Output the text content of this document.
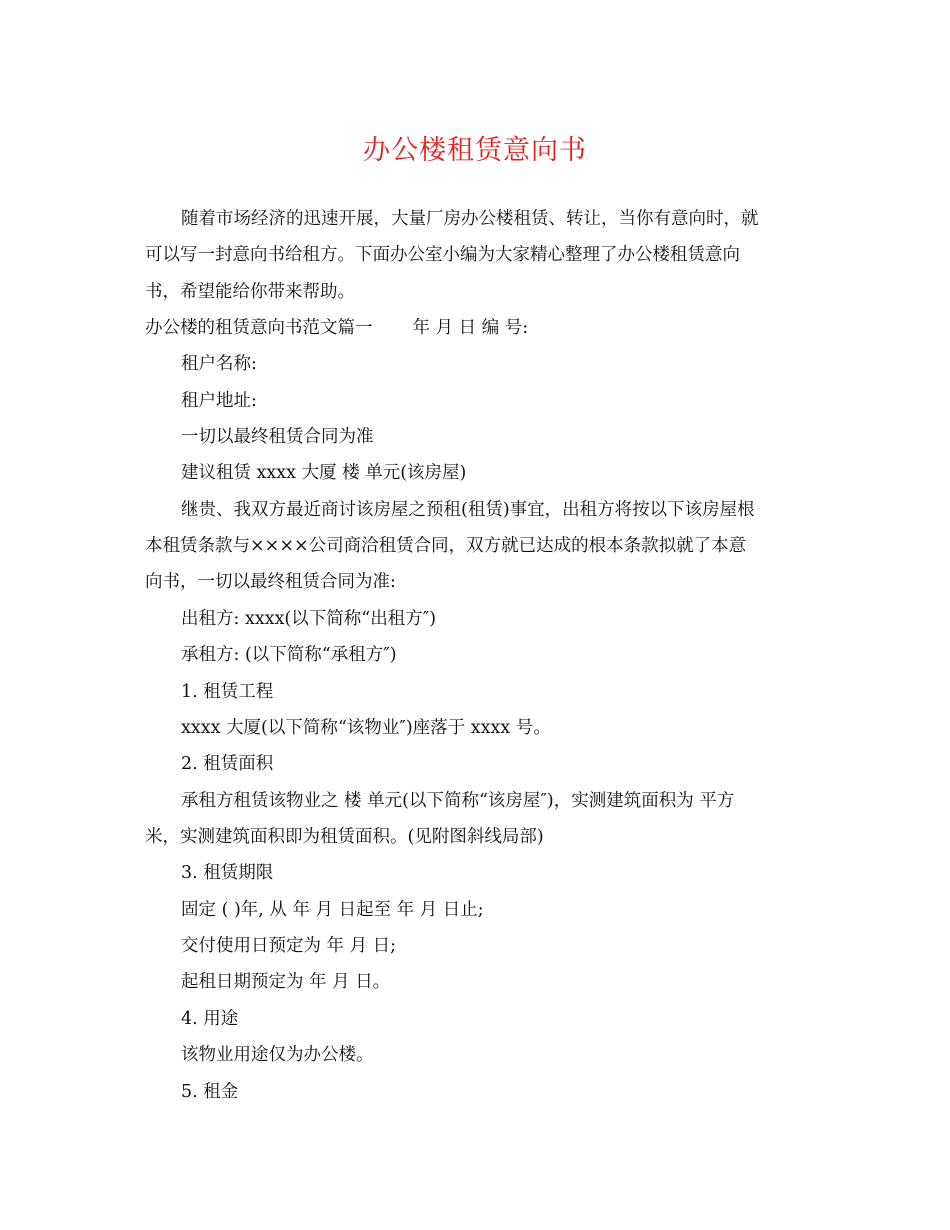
办公楼租赁意向书

随着市场经济的迅速开展，大量厂房办公楼租赁、转让，当你有意向时，就

可以写一封意向书给租方。下面办公室小编为大家精心整理了办公楼租赁意向

书，希望能给你带来帮助。

办公楼的租赁意向书范文篇一 年 月 日 编 号:

租户名称:

租户地址:

一切以最终租赁合同为准

建议租赁 xxxx 大厦 楼 单元(该房屋)

继贵、我双方最近商讨该房屋之预租(租赁)事宜，出租方将按以下该房屋根

本租赁条款与××××公司商洽租赁合同，双方就已达成的根本条款拟就了本意

向书，一切以最终租赁合同为准:

出租方: xxxx(以下简称“出租方″)

承租方: (以下简称“承租方″)

1. 租赁工程

xxxx 大厦(以下简称“该物业″)座落于 xxxx 号。

2. 租赁面积

承租方租赁该物业之 楼 单元(以下简称“该房屋″)，实测建筑面积为 平方

米，实测建筑面积即为租赁面积。(见附图斜线局部)

3. 租赁期限

固定 ( )年, 从 年 月 日起至 年 月 日止;

交付使用日预定为 年 月 日;

起租日期预定为 年 月 日。

4. 用途

该物业用途仅为办公楼。

5. 租金
